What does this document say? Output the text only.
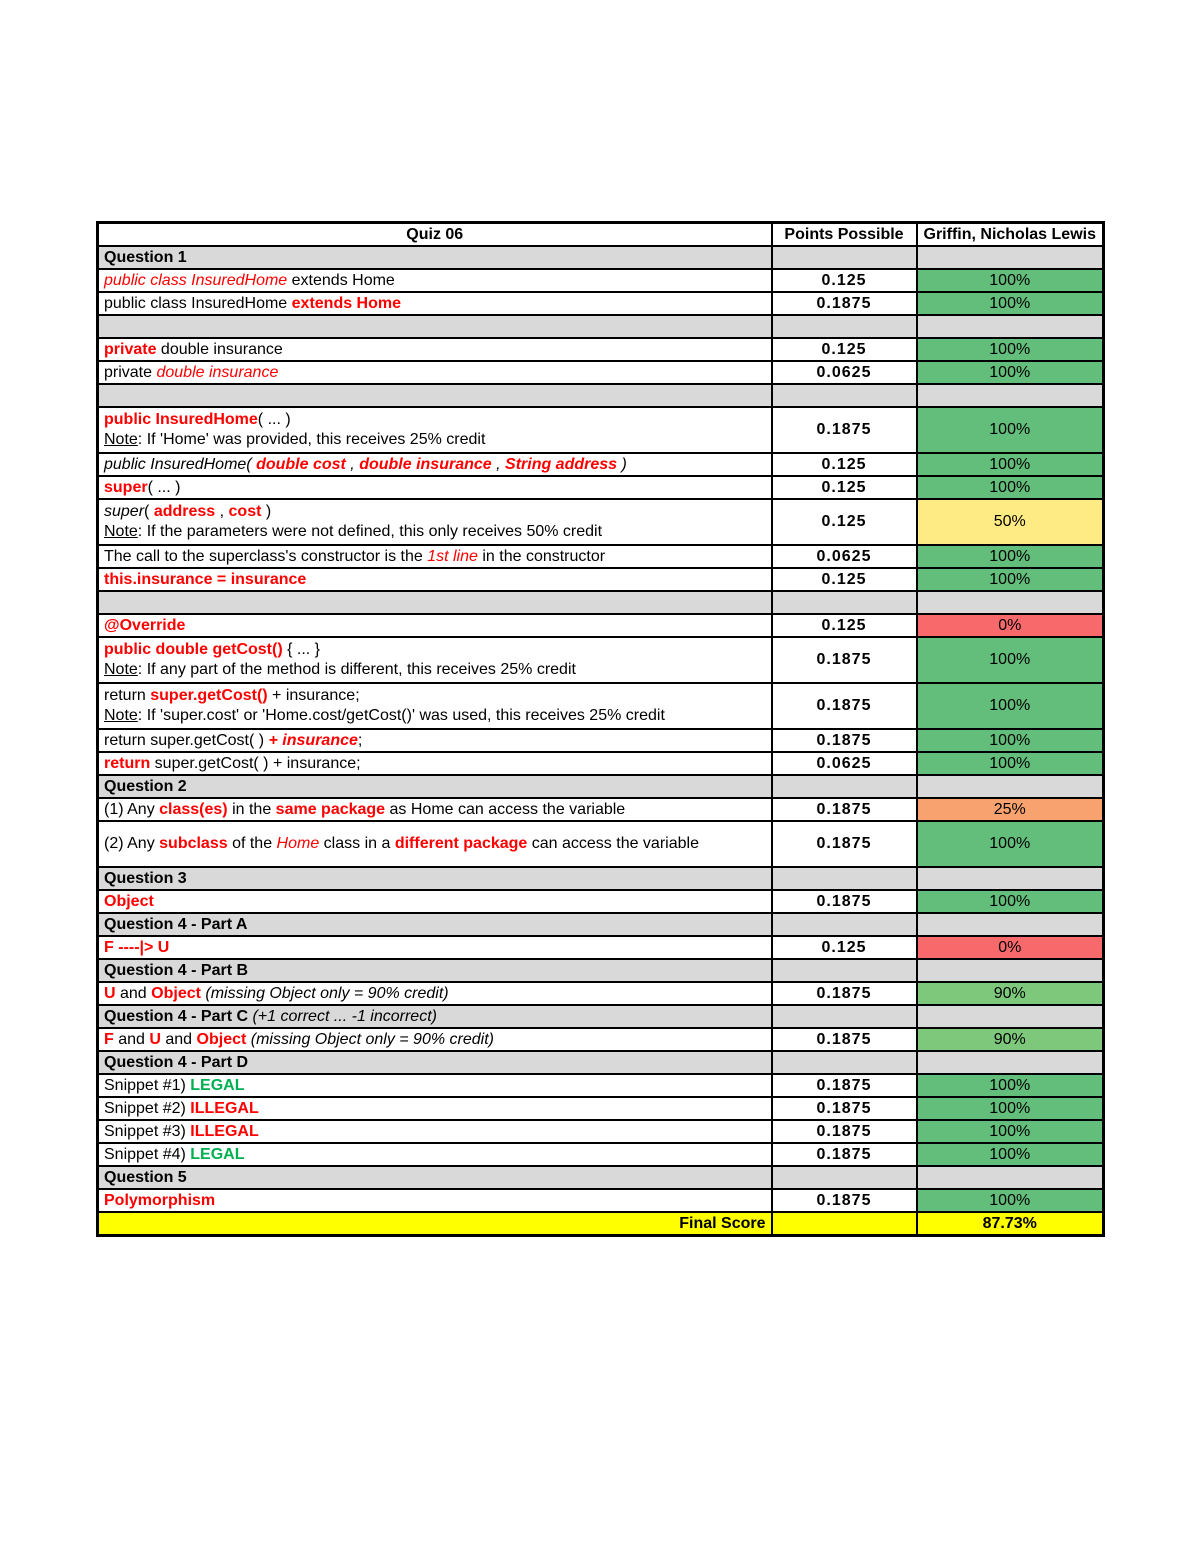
Quiz 06	Points Possible	Griffin, Nicholas Lewis
Question 1		
public class InsuredHome extends Home	0.125	100%
public class InsuredHome extends Home	0.1875	100%

private double insurance	0.125	100%
private double insurance	0.0625	100%

public InsuredHome( ... )
Note: If 'Home' was provided, this receives 25% credit	0.1875	100%
public InsuredHome( double cost , double insurance , String address )	0.125	100%
super( ... )	0.125	100%
super( address , cost )
Note: If the parameters were not defined, this only receives 50% credit	0.125	50%
The call to the superclass's constructor is the 1st line in the constructor	0.0625	100%
this.insurance = insurance	0.125	100%

@Override	0.125	0%
public double getCost() { ... }
Note: If any part of the method is different, this receives 25% credit	0.1875	100%
return super.getCost() + insurance;
Note: If 'super.cost' or 'Home.cost/getCost()' was used, this receives 25% credit	0.1875	100%
return super.getCost( ) + insurance;	0.1875	100%
return super.getCost( ) + insurance;	0.0625	100%
Question 2		
(1) Any class(es) in the same package as Home can access the variable	0.1875	25%
(2) Any subclass of the Home class in a different package can access the variable	0.1875	100%
Question 3		
Object	0.1875	100%
Question 4 - Part A		
F ----|> U	0.125	0%
Question 4 - Part B		
U and Object (missing Object only = 90% credit)	0.1875	90%
Question 4 - Part C (+1 correct ... -1 incorrect)		
F and U and Object (missing Object only = 90% credit)	0.1875	90%
Question 4 - Part D		
Snippet #1) LEGAL	0.1875	100%
Snippet #2) ILLEGAL	0.1875	100%
Snippet #3) ILLEGAL	0.1875	100%
Snippet #4) LEGAL	0.1875	100%
Question 5		
Polymorphism	0.1875	100%
Final Score		87.73%
